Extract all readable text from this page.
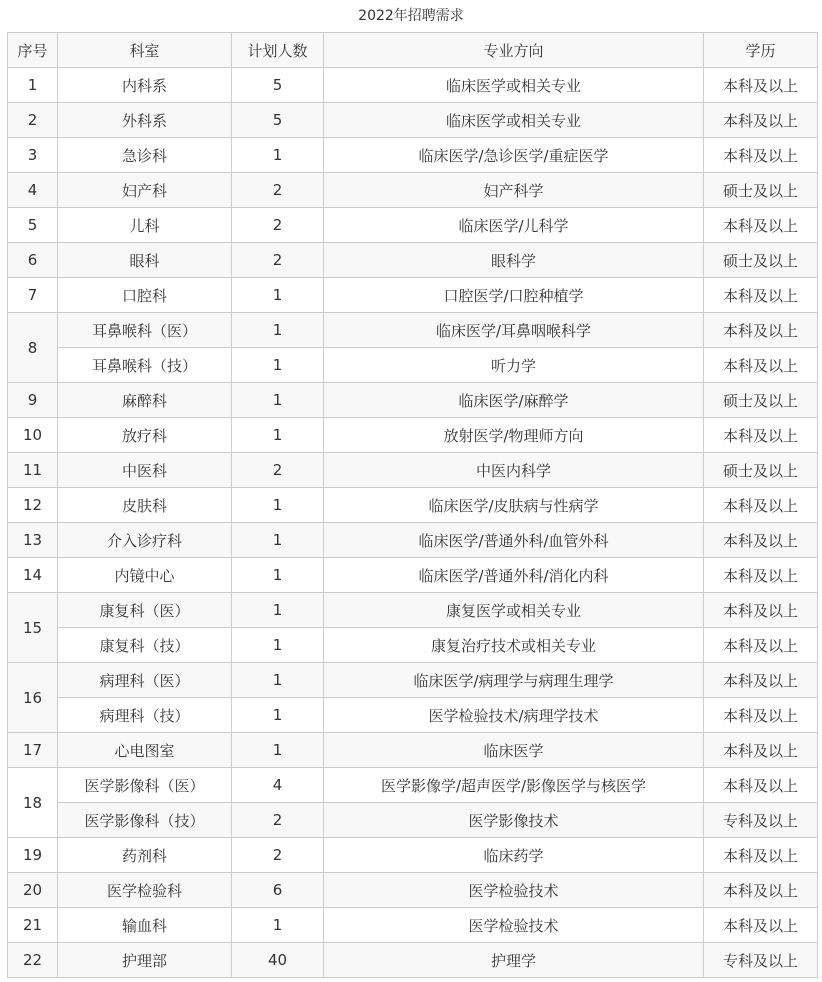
2022年招聘需求
序号	科室	计划人数	专业方向	学历
1	内科系	5	临床医学或相关专业	本科及以上
2	外科系	5	临床医学或相关专业	本科及以上
3	急诊科	1	临床医学/急诊医学/重症医学	本科及以上
4	妇产科	2	妇产科学	硕士及以上
5	儿科	2	临床医学/儿科学	本科及以上
6	眼科	2	眼科学	硕士及以上
7	口腔科	1	口腔医学/口腔种植学	本科及以上
8	耳鼻喉科（医）	1	临床医学/耳鼻咽喉科学	本科及以上
	耳鼻喉科（技）	1	听力学	本科及以上
9	麻醉科	1	临床医学/麻醉学	硕士及以上
10	放疗科	1	放射医学/物理师方向	本科及以上
11	中医科	2	中医内科学	硕士及以上
12	皮肤科	1	临床医学/皮肤病与性病学	本科及以上
13	介入诊疗科	1	临床医学/普通外科/血管外科	本科及以上
14	内镜中心	1	临床医学/普通外科/消化内科	本科及以上
15	康复科（医）	1	康复医学或相关专业	本科及以上
	康复科（技）	1	康复治疗技术或相关专业	本科及以上
16	病理科（医）	1	临床医学/病理学与病理生理学	本科及以上
	病理科（技）	1	医学检验技术/病理学技术	本科及以上
17	心电图室	1	临床医学	本科及以上
18	医学影像科（医）	4	医学影像学/超声医学/影像医学与核医学	本科及以上
	医学影像科（技）	2	医学影像技术	专科及以上
19	药剂科	2	临床药学	本科及以上
20	医学检验科	6	医学检验技术	本科及以上
21	输血科	1	医学检验技术	本科及以上
22	护理部	40	护理学	专科及以上
